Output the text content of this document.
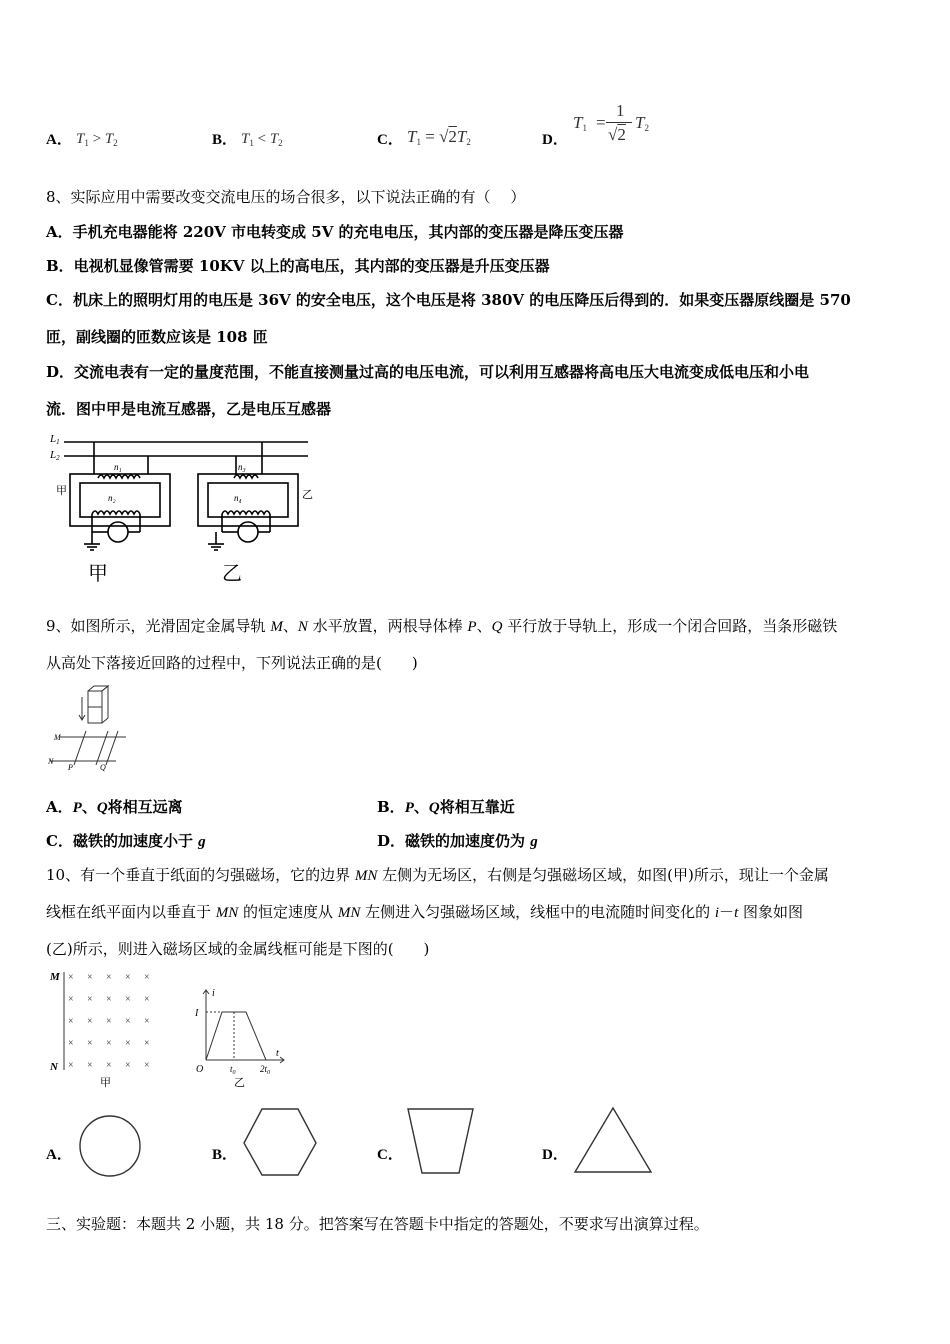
A． $T_1 > T_2$	B． $T_1 < T_2$	C． $T_1 = √2T_2$	D．
$T_1$ =
1
√2
$T_2$
8、实际应用中需要改变交流电压的场合很多，以下说法正确的有（　 ）
A．手机充电器能将 220V 市电转变成 5V 的充电电压，其内部的变压器是降压变压器
B．电视机显像管需要 10KV 以上的高电压，其内部的变压器是升压变压器
C．机床上的照明灯用的电压是 36V 的安全电压，这个电压是将 380V 的电压降压后得到的．如果变压器原线圈是 570
匝，副线圈的匝数应该是 108 匝
D．交流电表有一定的量度范围，不能直接测量过高的电压电流，可以利用互感器将高电压大电流变成低电压和小电
流．图中甲是电流互感器，乙是电压互感器
L1
L2
n₁
n₂
n₃
n₄
甲	乙
甲	乙
9、如图所示，光滑固定金属导轨 M、N 水平放置，两根导体棒 P、Q 平行放于导轨上，形成一个闭合回路，当条形磁铁
从高处下落接近回路的过程中，下列说法正确的是(　　)
M
N
P	Q
A．P、Q将相互远离	B．P、Q将相互靠近
C．磁铁的加速度小于 g	D．磁铁的加速度仍为 g
10、有一个垂直于纸面的匀强磁场，它的边界 MN 左侧为无场区，右侧是匀强磁场区域，如图(甲)所示，现让一个金属
线框在纸平面内以垂直于 MN 的恒定速度从 MN 左侧进入匀强磁场区域，线框中的电流随时间变化的 i－t 图象如图
(乙)所示，则进入磁场区域的金属线框可能是下图的(　　)
× × × × ×
× × × × ×
× × × × ×
× × × × ×
× × × × ×
M
N
甲
i
I
O
t
$t_0$	$2t_0$
乙
A．	B．	C．	D．
三、实验题：本题共 2 小题，共 18 分。把答案写在答题卡中指定的答题处，不要求写出演算过程。
